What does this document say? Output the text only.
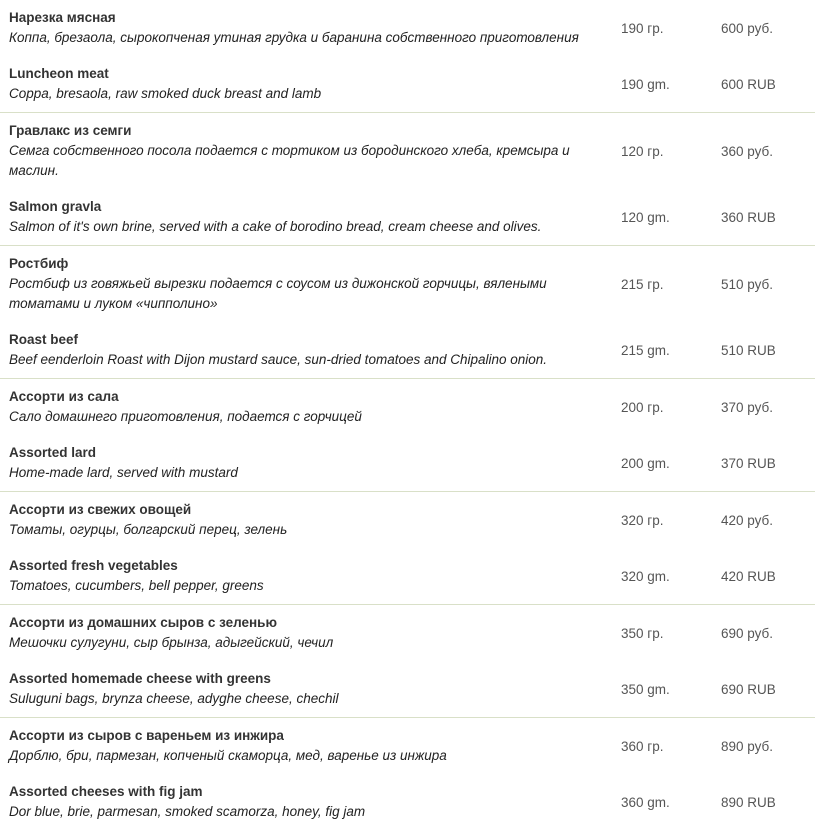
Нарезка мясная
Коппа, брезаола, сырокопченая утиная грудка и баранина собственного приготовления
190 гр.	600 руб.
Luncheon meat
Coppa, bresaola, raw smoked duck breast and lamb
190 gm.	600 RUB
Гравлакс из семги
Семга собственного посола подается с тортиком из бородинского хлеба, кремсыра и маслин.
120 гр.	360 руб.
Salmon gravla
Salmon of it's own brine, served with a cake of borodino bread, cream cheese and olives.
120 gm.	360 RUB
Ростбиф
Ростбиф из говяжьей вырезки подается с соусом из дижонской горчицы, вялеными томатами и луком «чипполино»
215 гр.	510 руб.
Roast beef
Beef eenderloin Roast with Dijon mustard sauce, sun-dried tomatoes and Chipalino onion.
215 gm.	510 RUB
Ассорти из сала
Сало домашнего приготовления, подается с горчицей
200 гр.	370 руб.
Assorted lard
Home-made lard, served with mustard
200 gm.	370 RUB
Ассорти из свежих овощей
Томаты, огурцы, болгарский перец, зелень
320 гр.	420 руб.
Assorted fresh vegetables
Tomatoes, cucumbers, bell pepper, greens
320 gm.	420 RUB
Ассорти из домашних сыров с зеленью
Мешочки сулугуни, сыр брынза, адыгейский, чечил
350 гр.	690 руб.
Assorted homemade cheese with greens
Suluguni bags, brynza cheese, adyghe cheese, chechil
350 gm.	690 RUB
Ассорти из сыров с вареньем из инжира
Дорблю, бри, пармезан, копченый скаморца, мед, варенье из инжира
360 гр.	890 руб.
Assorted cheeses with fig jam
Dor blue, brie, parmesan, smoked scamorza, honey, fig jam
360 gm.	890 RUB
